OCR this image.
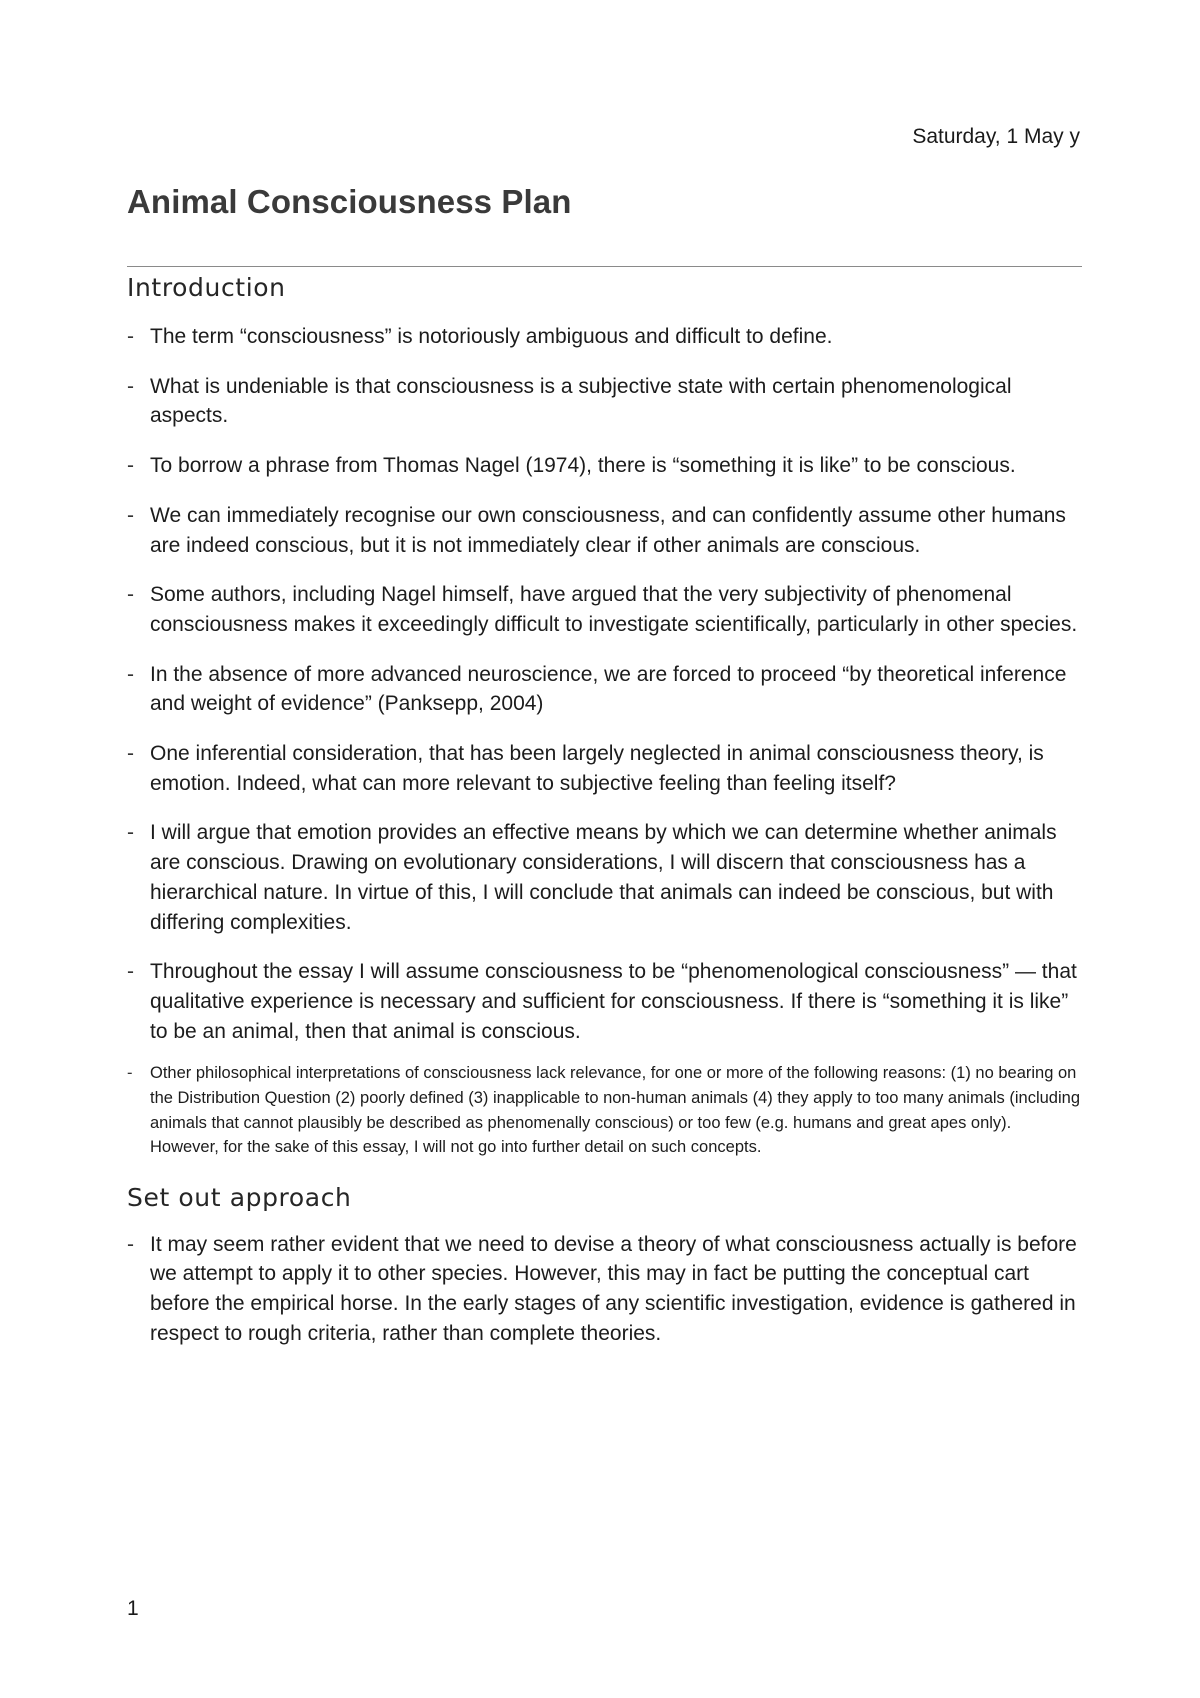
Saturday, 1 May y
Animal Consciousness Plan
Introduction
- The term “consciousness” is notoriously ambiguous and difficult to define.
- What is undeniable is that consciousness is a subjective state with certain phenomenological aspects.
- To borrow a phrase from Thomas Nagel (1974), there is “something it is like” to be conscious.
- We can immediately recognise our own consciousness, and can confidently assume other humans are indeed conscious, but it is not immediately clear if other animals are conscious.
- Some authors, including Nagel himself, have argued that the very subjectivity of phenomenal consciousness makes it exceedingly difficult to investigate scientifically, particularly in other species.
- In the absence of more advanced neuroscience, we are forced to proceed “by theoretical inference and weight of evidence” (Panksepp, 2004)
- One inferential consideration, that has been largely neglected in animal consciousness theory, is emotion. Indeed, what can more relevant to subjective feeling than feeling itself?
- I will argue that emotion provides an effective means by which we can determine whether animals are conscious. Drawing on evolutionary considerations, I will discern that consciousness has a hierarchical nature. In virtue of this, I will conclude that animals can indeed be conscious, but with differing complexities.
- Throughout the essay I will assume consciousness to be “phenomenological consciousness” — that qualitative experience is necessary and sufficient for consciousness. If there is “something it is like” to be an animal, then that animal is conscious.
- Other philosophical interpretations of consciousness lack relevance, for one or more of the following reasons: (1) no bearing on the Distribution Question (2) poorly defined (3) inapplicable to non-human animals (4) they apply to too many animals (including animals that cannot plausibly be described as phenomenally conscious) or too few (e.g. humans and great apes only). However, for the sake of this essay, I will not go into further detail on such concepts.
Set out approach
- It may seem rather evident that we need to devise a theory of what consciousness actually is before we attempt to apply it to other species. However, this may in fact be putting the conceptual cart before the empirical horse. In the early stages of any scientific investigation, evidence is gathered in respect to rough criteria, rather than complete theories.
1
